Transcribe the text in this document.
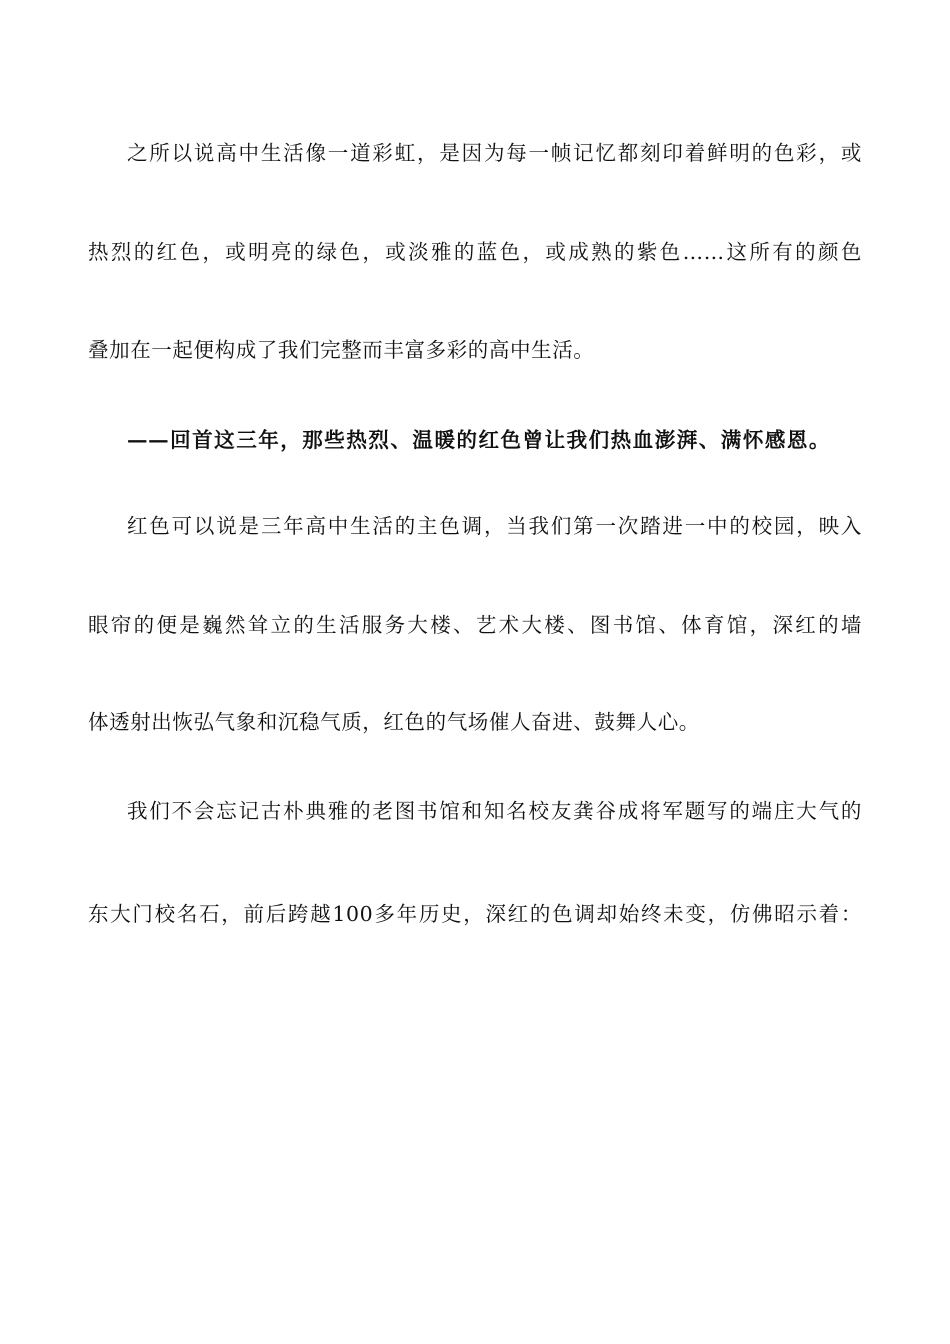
之所以说高中生活像一道彩虹，是因为每一帧记忆都刻印着鲜明的色彩，或
热烈的红色，或明亮的绿色，或淡雅的蓝色，或成熟的紫色……这所有的颜色
叠加在一起便构成了我们完整而丰富多彩的高中生活。
——回首这三年，那些热烈、温暖的红色曾让我们热血澎湃、满怀感恩。
红色可以说是三年高中生活的主色调，当我们第一次踏进一中的校园，映入
眼帘的便是巍然耸立的生活服务大楼、艺术大楼、图书馆、体育馆，深红的墙
体透射出恢弘气象和沉稳气质，红色的气场催人奋进、鼓舞人心。
我们不会忘记古朴典雅的老图书馆和知名校友龚谷成将军题写的端庄大气的
东大门校名石，前后跨越100多年历史，深红的色调却始终未变，仿佛昭示着：
